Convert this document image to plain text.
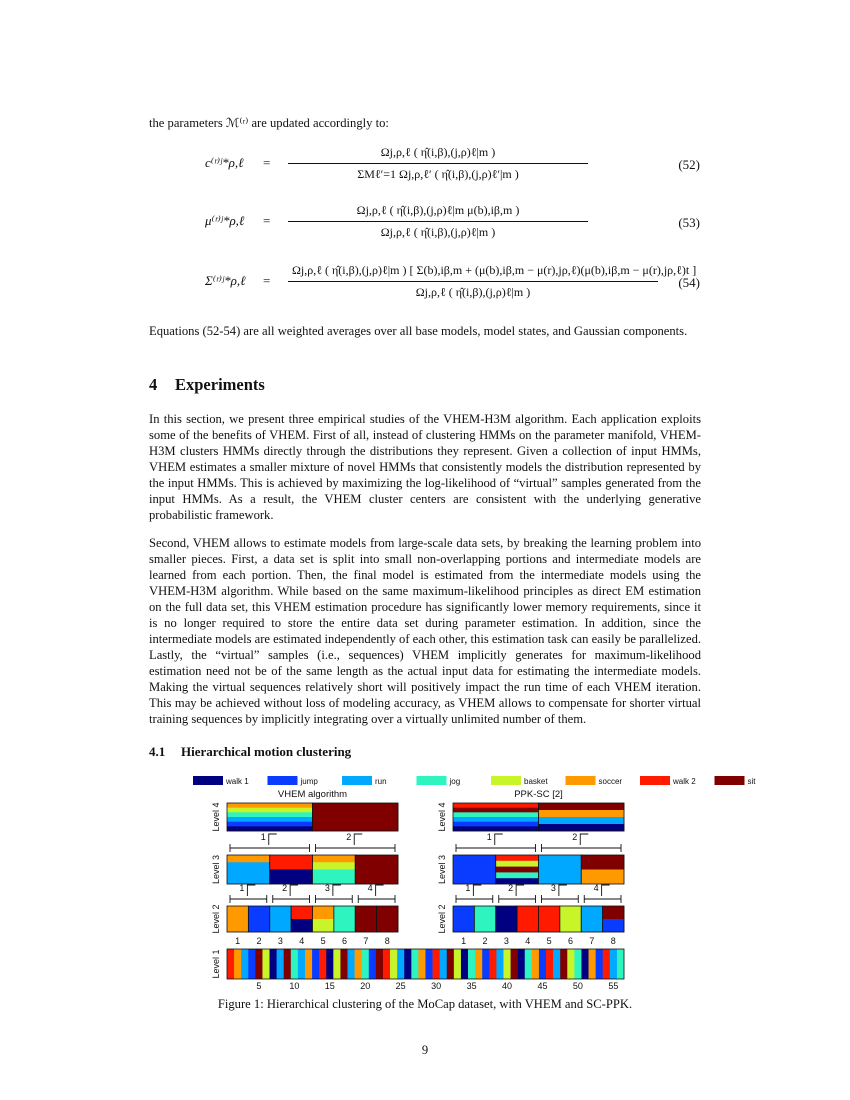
the parameters ℳ⁽ʳ⁾ are updated accordingly to:
c⁽ʳ⁾ʲ*ρ,ℓ =
Ωj,ρ,ℓ ( η̂(i,β),(j,ρ)ℓ|m )
ΣMℓ′=1 Ωj,ρ,ℓ′ ( η̂(i,β),(j,ρ)ℓ′|m )
(52)
μ⁽ʳ⁾ʲ*ρ,ℓ =
Ωj,ρ,ℓ ( η̂(i,β),(j,ρ)ℓ|m μ(b),iβ,m )
Ωj,ρ,ℓ ( η̂(i,β),(j,ρ)ℓ|m )
(53)
Σ⁽ʳ⁾ʲ*ρ,ℓ =
Ωj,ρ,ℓ ( η̂(i,β),(j,ρ)ℓ|m ) [ Σ(b),iβ,m + (μ(b),iβ,m − μ(r),jρ,ℓ)(μ(b),iβ,m − μ(r),jρ,ℓ)t ]
Ωj,ρ,ℓ ( η̂(i,β),(j,ρ)ℓ|m )
(54)
Equations (52-54) are all weighted averages over all base models, model states, and Gaussian components.
4 Experiments
In this section, we present three empirical studies of the VHEM-H3M algorithm. Each application exploits some of the benefits of VHEM. First of all, instead of clustering HMMs on the parameter manifold, VHEM-H3M clusters HMMs directly through the distributions they represent. Given a collection of input HMMs, VHEM estimates a smaller mixture of novel HMMs that consistently models the distribution represented by the input HMMs. This is achieved by maximizing the log-likelihood of “virtual” samples generated from the input HMMs. As a result, the VHEM cluster centers are consistent with the underlying generative probabilistic framework.
Second, VHEM allows to estimate models from large-scale data sets, by breaking the learning problem into smaller pieces. First, a data set is split into small non-overlapping portions and intermediate models are learned from each portion. Then, the final model is estimated from the intermediate models using the VHEM-H3M algorithm. While based on the same maximum-likelihood principles as direct EM estimation on the full data set, this VHEM estimation procedure has significantly lower memory requirements, since it is no longer required to store the entire data set during parameter estimation. In addition, since the intermediate models are estimated independently of each other, this estimation task can easily be parallelized. Lastly, the “virtual” samples (i.e., sequences) VHEM implicitly generates for maximum-likelihood estimation need not be of the same length as the actual input data for estimating the intermediate models. Making the virtual sequences relatively short will positively impact the run time of each VHEM iteration. This may be achieved without loss of modeling accuracy, as VHEM allows to compensate for shorter virtual training sequences by implicitly integrating over a virtually unlimited number of them.
4.1 Hierarchical motion clustering
walk 1	jump	run	jog	basket	soccer	walk 2	sit
VHEM algorithm
1	2
1	2	3	4
1 2 3 4 5 6 7 8
Level 4
Level 3
Level 2
PPK-SC [2]
1	2
1	2	3	4
1 2 3 4 5 6 7 8
Level 4
Level 3
Level 2
5	10	15	20	25	30	35	40	45	50	55
Level 1
Figure 1: Hierarchical clustering of the MoCap dataset, with VHEM and SC-PPK.
9
